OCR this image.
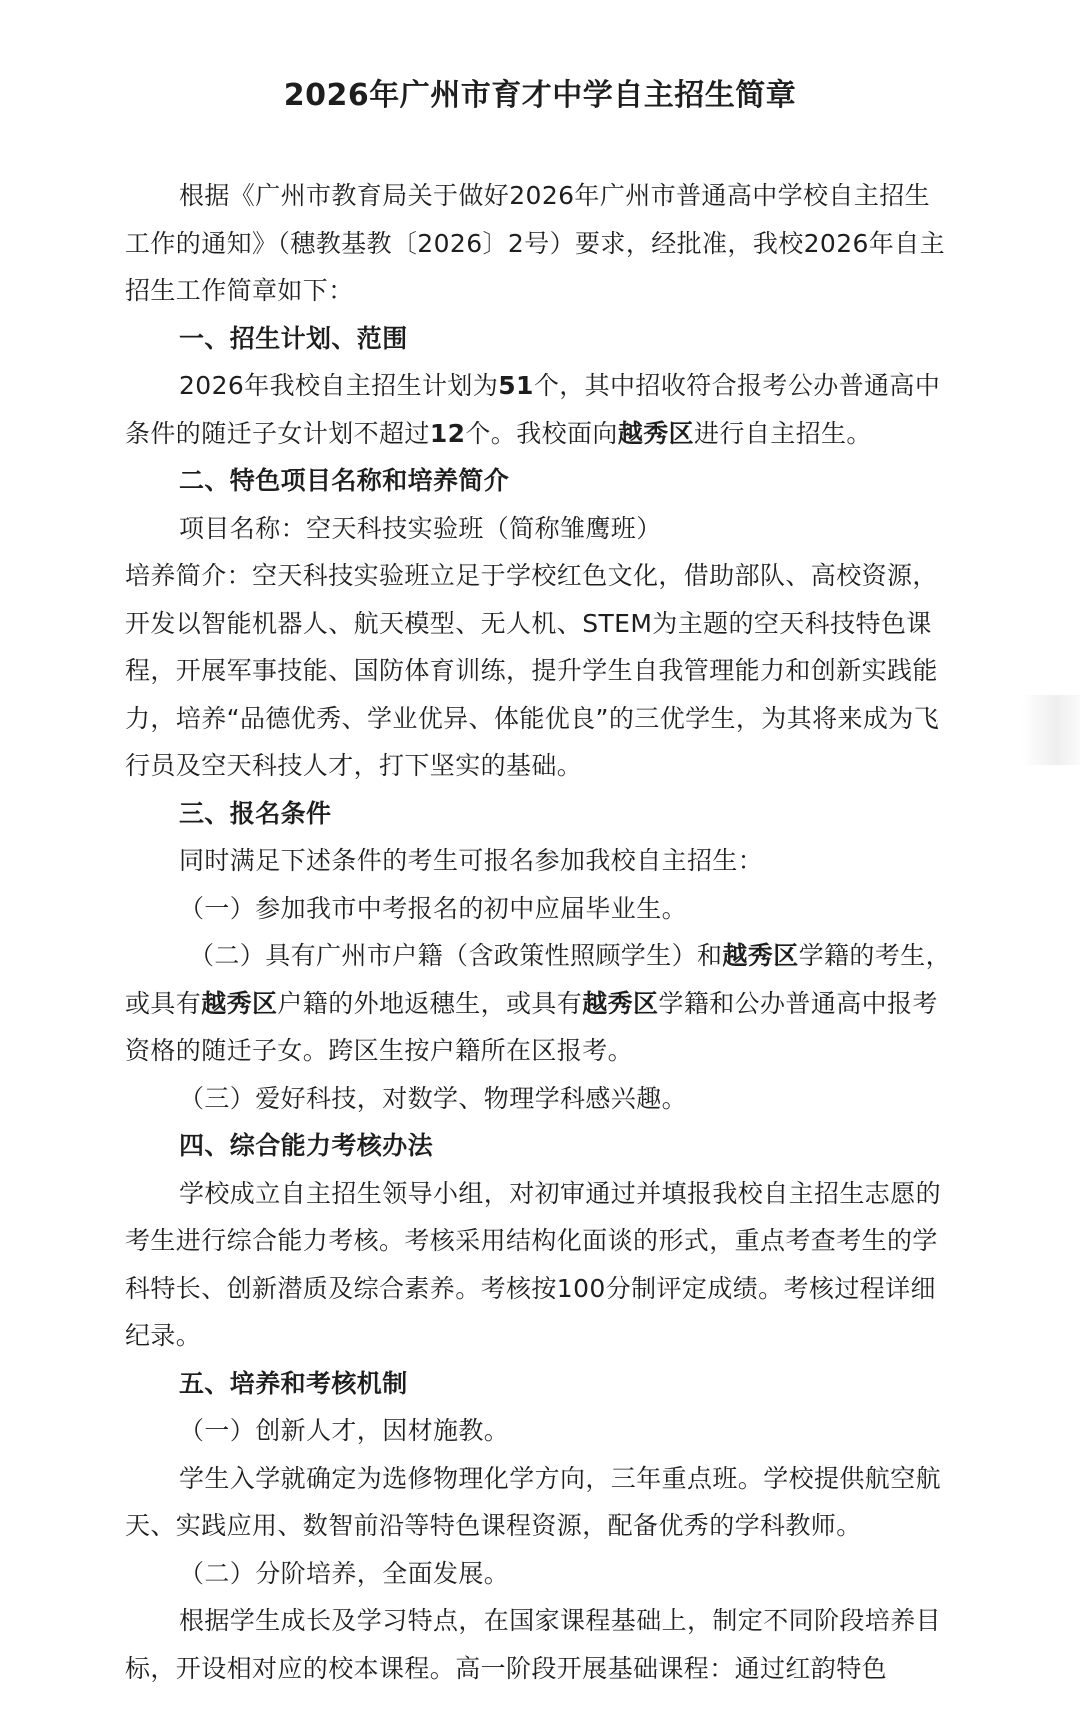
2026年广州市育才中学自主招生简章

根据《广州市教育局关于做好2026年广州市普通高中学校自主招生工作的通知》（穗教基教〔2026〕2号）要求，经批准，我校2026年自主招生工作简章如下：

一、招生计划、范围

2026年我校自主招生计划为51个，其中招收符合报考公办普通高中条件的随迁子女计划不超过12个。我校面向越秀区进行自主招生。

二、特色项目名称和培养简介

项目名称：空天科技实验班（简称雏鹰班）

培养简介：空天科技实验班立足于学校红色文化，借助部队、高校资源，开发以智能机器人、航天模型、无人机、STEM为主题的空天科技特色课程，开展军事技能、国防体育训练，提升学生自我管理能力和创新实践能力，培养“品德优秀、学业优异、体能优良”的三优学生，为其将来成为飞行员及空天科技人才，打下坚实的基础。

三、报名条件

同时满足下述条件的考生可报名参加我校自主招生：

（一）参加我市中考报名的初中应届毕业生。

（二）具有广州市户籍（含政策性照顾学生）和越秀区学籍的考生，或具有越秀区户籍的外地返穗生，或具有越秀区学籍和公办普通高中报考资格的随迁子女。跨区生按户籍所在区报考。

（三）爱好科技，对数学、物理学科感兴趣。

四、综合能力考核办法

学校成立自主招生领导小组，对初审通过并填报我校自主招生志愿的考生进行综合能力考核。考核采用结构化面谈的形式，重点考查考生的学科特长、创新潜质及综合素养。考核按100分制评定成绩。考核过程详细纪录。

五、培养和考核机制

（一）创新人才，因材施教。

学生入学就确定为选修物理化学方向，三年重点班。学校提供航空航天、实践应用、数智前沿等特色课程资源，配备优秀的学科教师。

（二）分阶培养，全面发展。

根据学生成长及学习特点，在国家课程基础上，制定不同阶段培养目标，开设相对应的校本课程。高一阶段开展基础课程：通过红韵特色
